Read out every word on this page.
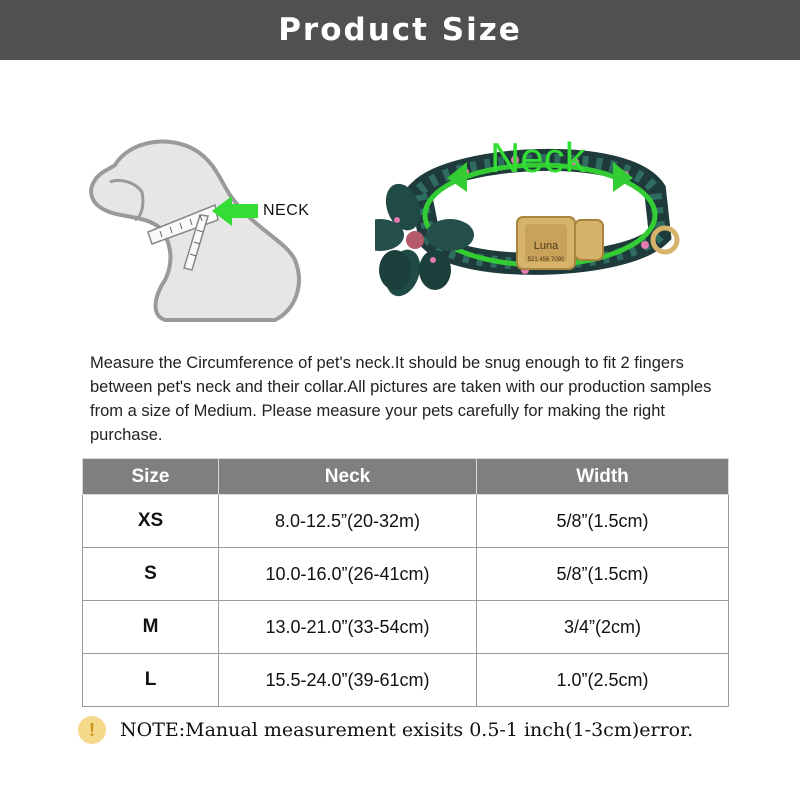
Product Size
NECK
Luna
521 456 7090
Neck
Measure the Circumference of pet's neck.It should be snug enough to fit 2 fingers between pet's neck and their collar.All pictures are taken with our production samples from a size of Medium. Please measure your pets carefully for making the right purchase.
Size	Neck	Width
XS	8.0-12.5”(20-32m)	5/8”(1.5cm)
S	10.0-16.0”(26-41cm)	5/8”(1.5cm)
M	13.0-21.0”(33-54cm)	3/4”(2cm)
L	15.5-24.0”(39-61cm)	1.0”(2.5cm)
!	NOTE:Manual measurement exisits 0.5-1 inch(1-3cm)error.
